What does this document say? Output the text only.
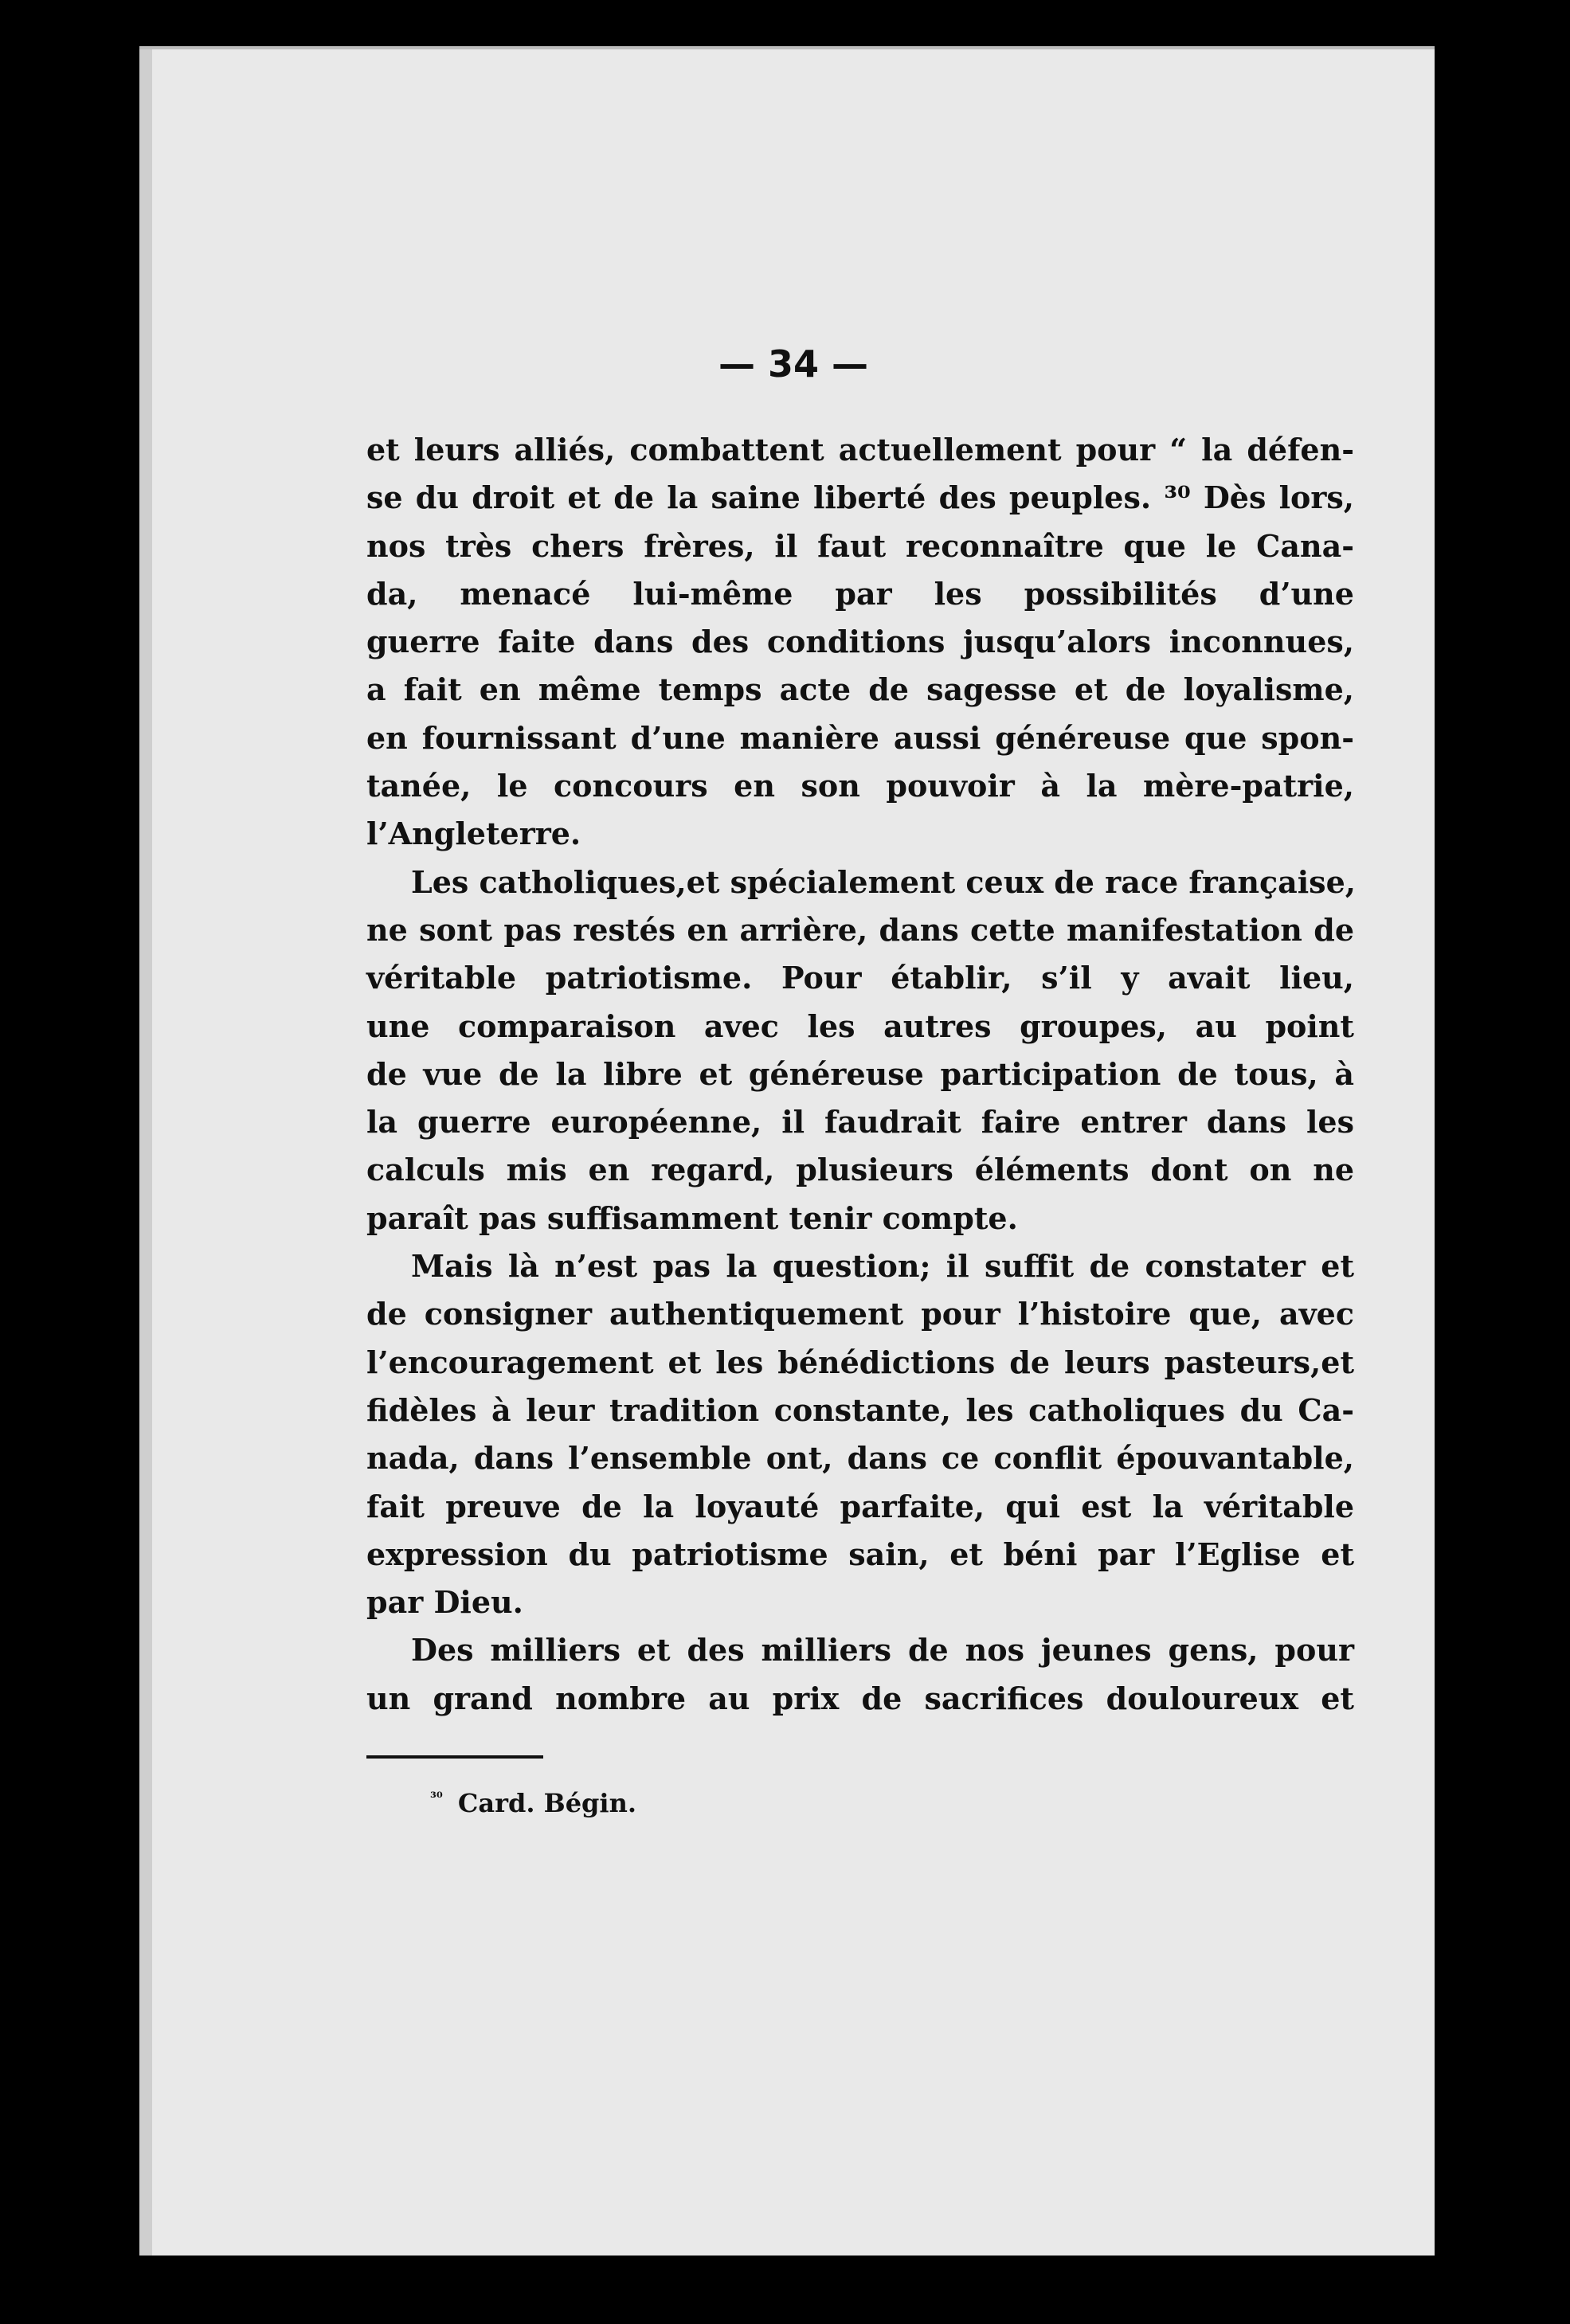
— 34 —
et leurs alliés, combattent actuellement pour “ la défen-
se du droit et de la saine liberté des peuples. ³⁰ Dès lors,
nos très chers frères, il faut reconnaître que le Cana-
da, menacé lui-même par les possibilités d’une
guerre faite dans des conditions jusqu’alors inconnues,
a fait en même temps acte de sagesse et de loyalisme,
en fournissant d’une manière aussi généreuse que spon-
tanée, le concours en son pouvoir à la mère-patrie,
l’Angleterre.
Les catholiques,et spécialement ceux de race française,
ne sont pas restés en arrière, dans cette manifestation de
véritable patriotisme. Pour établir, s’il y avait lieu,
une comparaison avec les autres groupes, au point
de vue de la libre et généreuse participation de tous, à
la guerre européenne, il faudrait faire entrer dans les
calculs mis en regard, plusieurs éléments dont on ne
paraît pas suffisamment tenir compte.
Mais là n’est pas la question; il suffit de constater et
de consigner authentiquement pour l’histoire que, avec
l’encouragement et les bénédictions de leurs pasteurs,et
fidèles à leur tradition constante, les catholiques du Ca-
nada, dans l’ensemble ont, dans ce conflit épouvantable,
fait preuve de la loyauté parfaite, qui est la véritable
expression du patriotisme sain, et béni par l’Eglise et
par Dieu.
Des milliers et des milliers de nos jeunes gens, pour
un grand nombre au prix de sacrifices douloureux et
$^{^{30}}$ Card. Bégin.
